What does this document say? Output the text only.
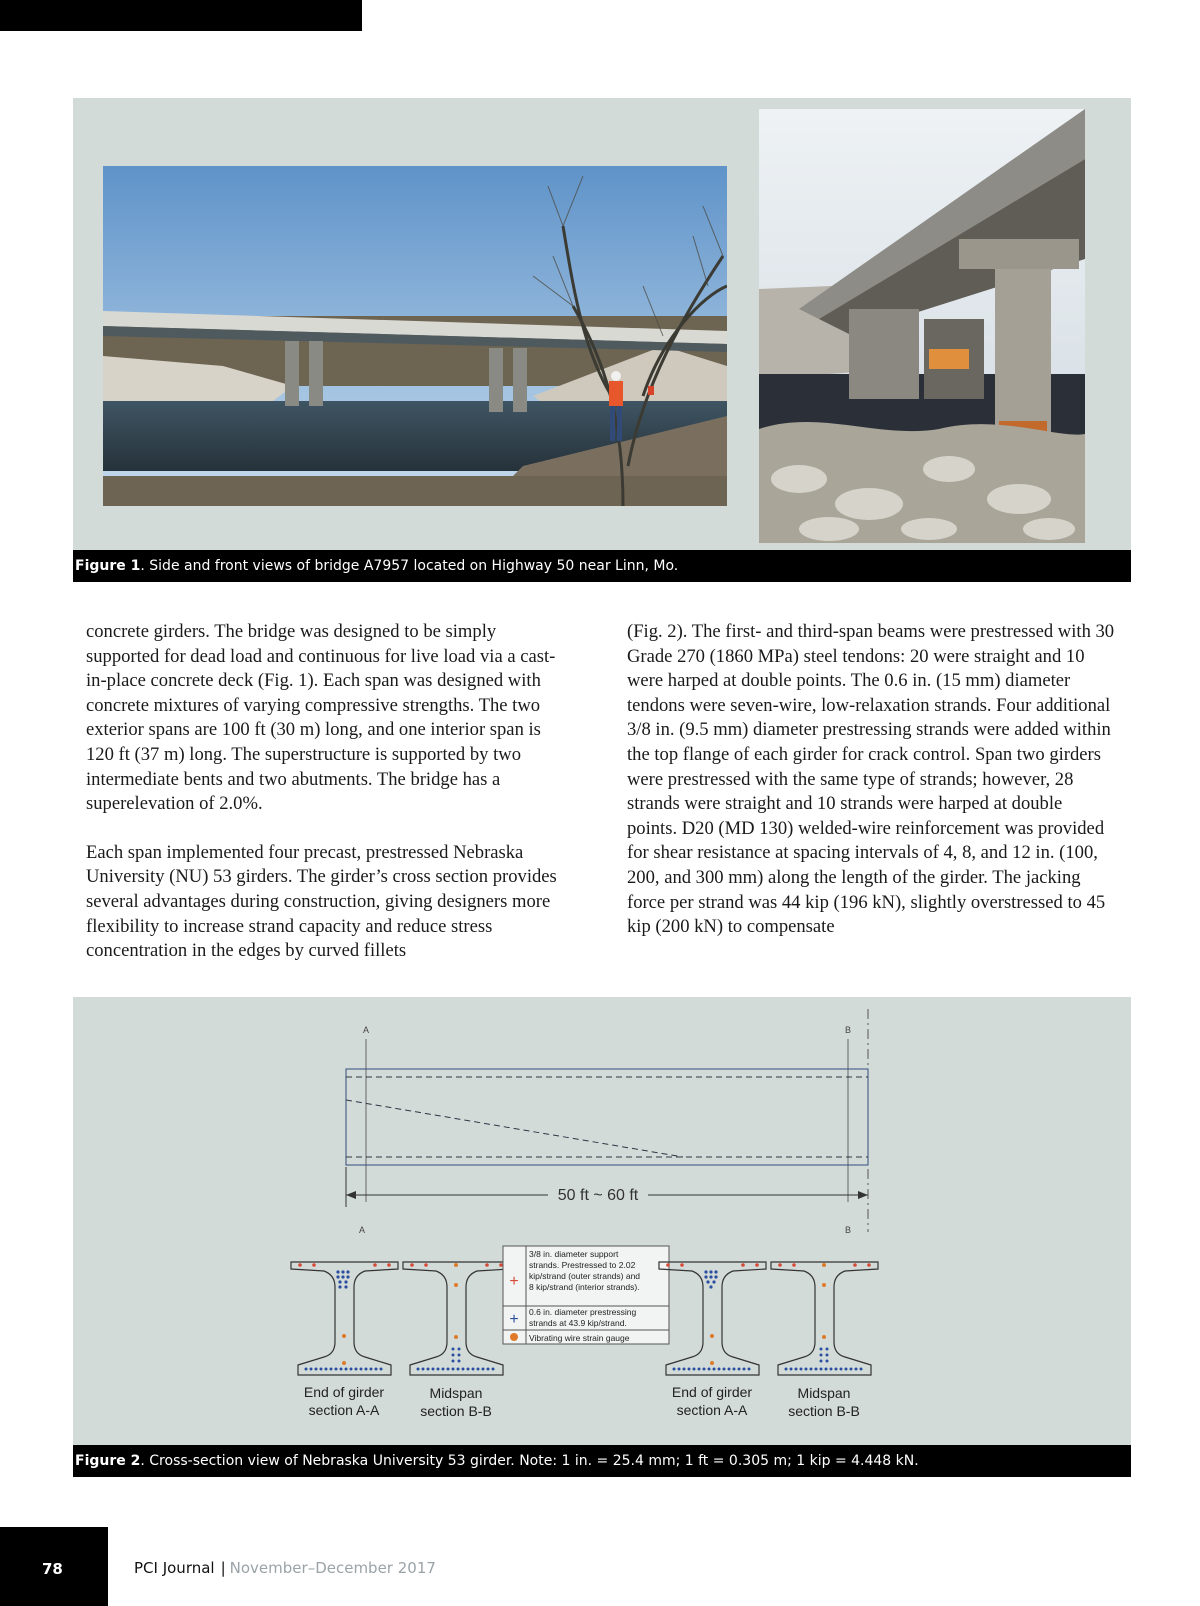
Figure 1. Side and front views of bridge A7957 located on Highway 50 near Linn, Mo.

concrete girders. The bridge was designed to be simply supported for dead load and continuous for live load via a cast-in-place concrete deck (Fig. 1). Each span was designed with concrete mixtures of varying compressive strengths. The two exterior spans are 100 ft (30 m) long, and one interior span is 120 ft (37 m) long. The superstructure is supported by two intermediate bents and two abutments. The bridge has a superelevation of 2.0%.

Each span implemented four precast, prestressed Nebraska University (NU) 53 girders. The girder’s cross section provides several advantages during construction, giving designers more flexibility to increase strand capacity and reduce stress concentration in the edges by curved fillets

(Fig. 2). The first- and third-span beams were prestressed with 30 Grade 270 (1860 MPa) steel tendons: 20 were straight and 10 were harped at double points. The 0.6 in. (15 mm) diameter tendons were seven-wire, low-relaxation strands. Four additional 3/8 in. (9.5 mm) diameter prestressing strands were added within the top flange of each girder for crack control. Span two girders were prestressed with the same type of strands; however, 28 strands were straight and 10 strands were harped at double points. D20 (MD 130) welded-wire reinforcement was provided for shear resistance at spacing intervals of 4, 8, and 12 in. (100, 200, and 300 mm) along the length of the girder. The jacking force per strand was 44 kip (196 kN), slightly overstressed to 45 kip (200 kN) to compensate

A	B
50 ft ~ 60 ft
A	B
+
+
3/8 in. diameter support
strands. Prestressed to 2.02
kip/strand (outer strands) and
8 kip/strand (interior strands).
0.6 in. diameter prestressing
strands at 43.9 kip/strand.
Vibrating wire strain gauge
End of girder
section A-A
Midspan
section B-B
End of girder
section A-A
Midspan
section B-B
Figure 2. Cross-section view of Nebraska University 53 girder. Note: 1 in. = 25.4 mm; 1 ft = 0.305 m; 1 kip = 4.448 kN.
78	PCI Journal | November–December 2017
